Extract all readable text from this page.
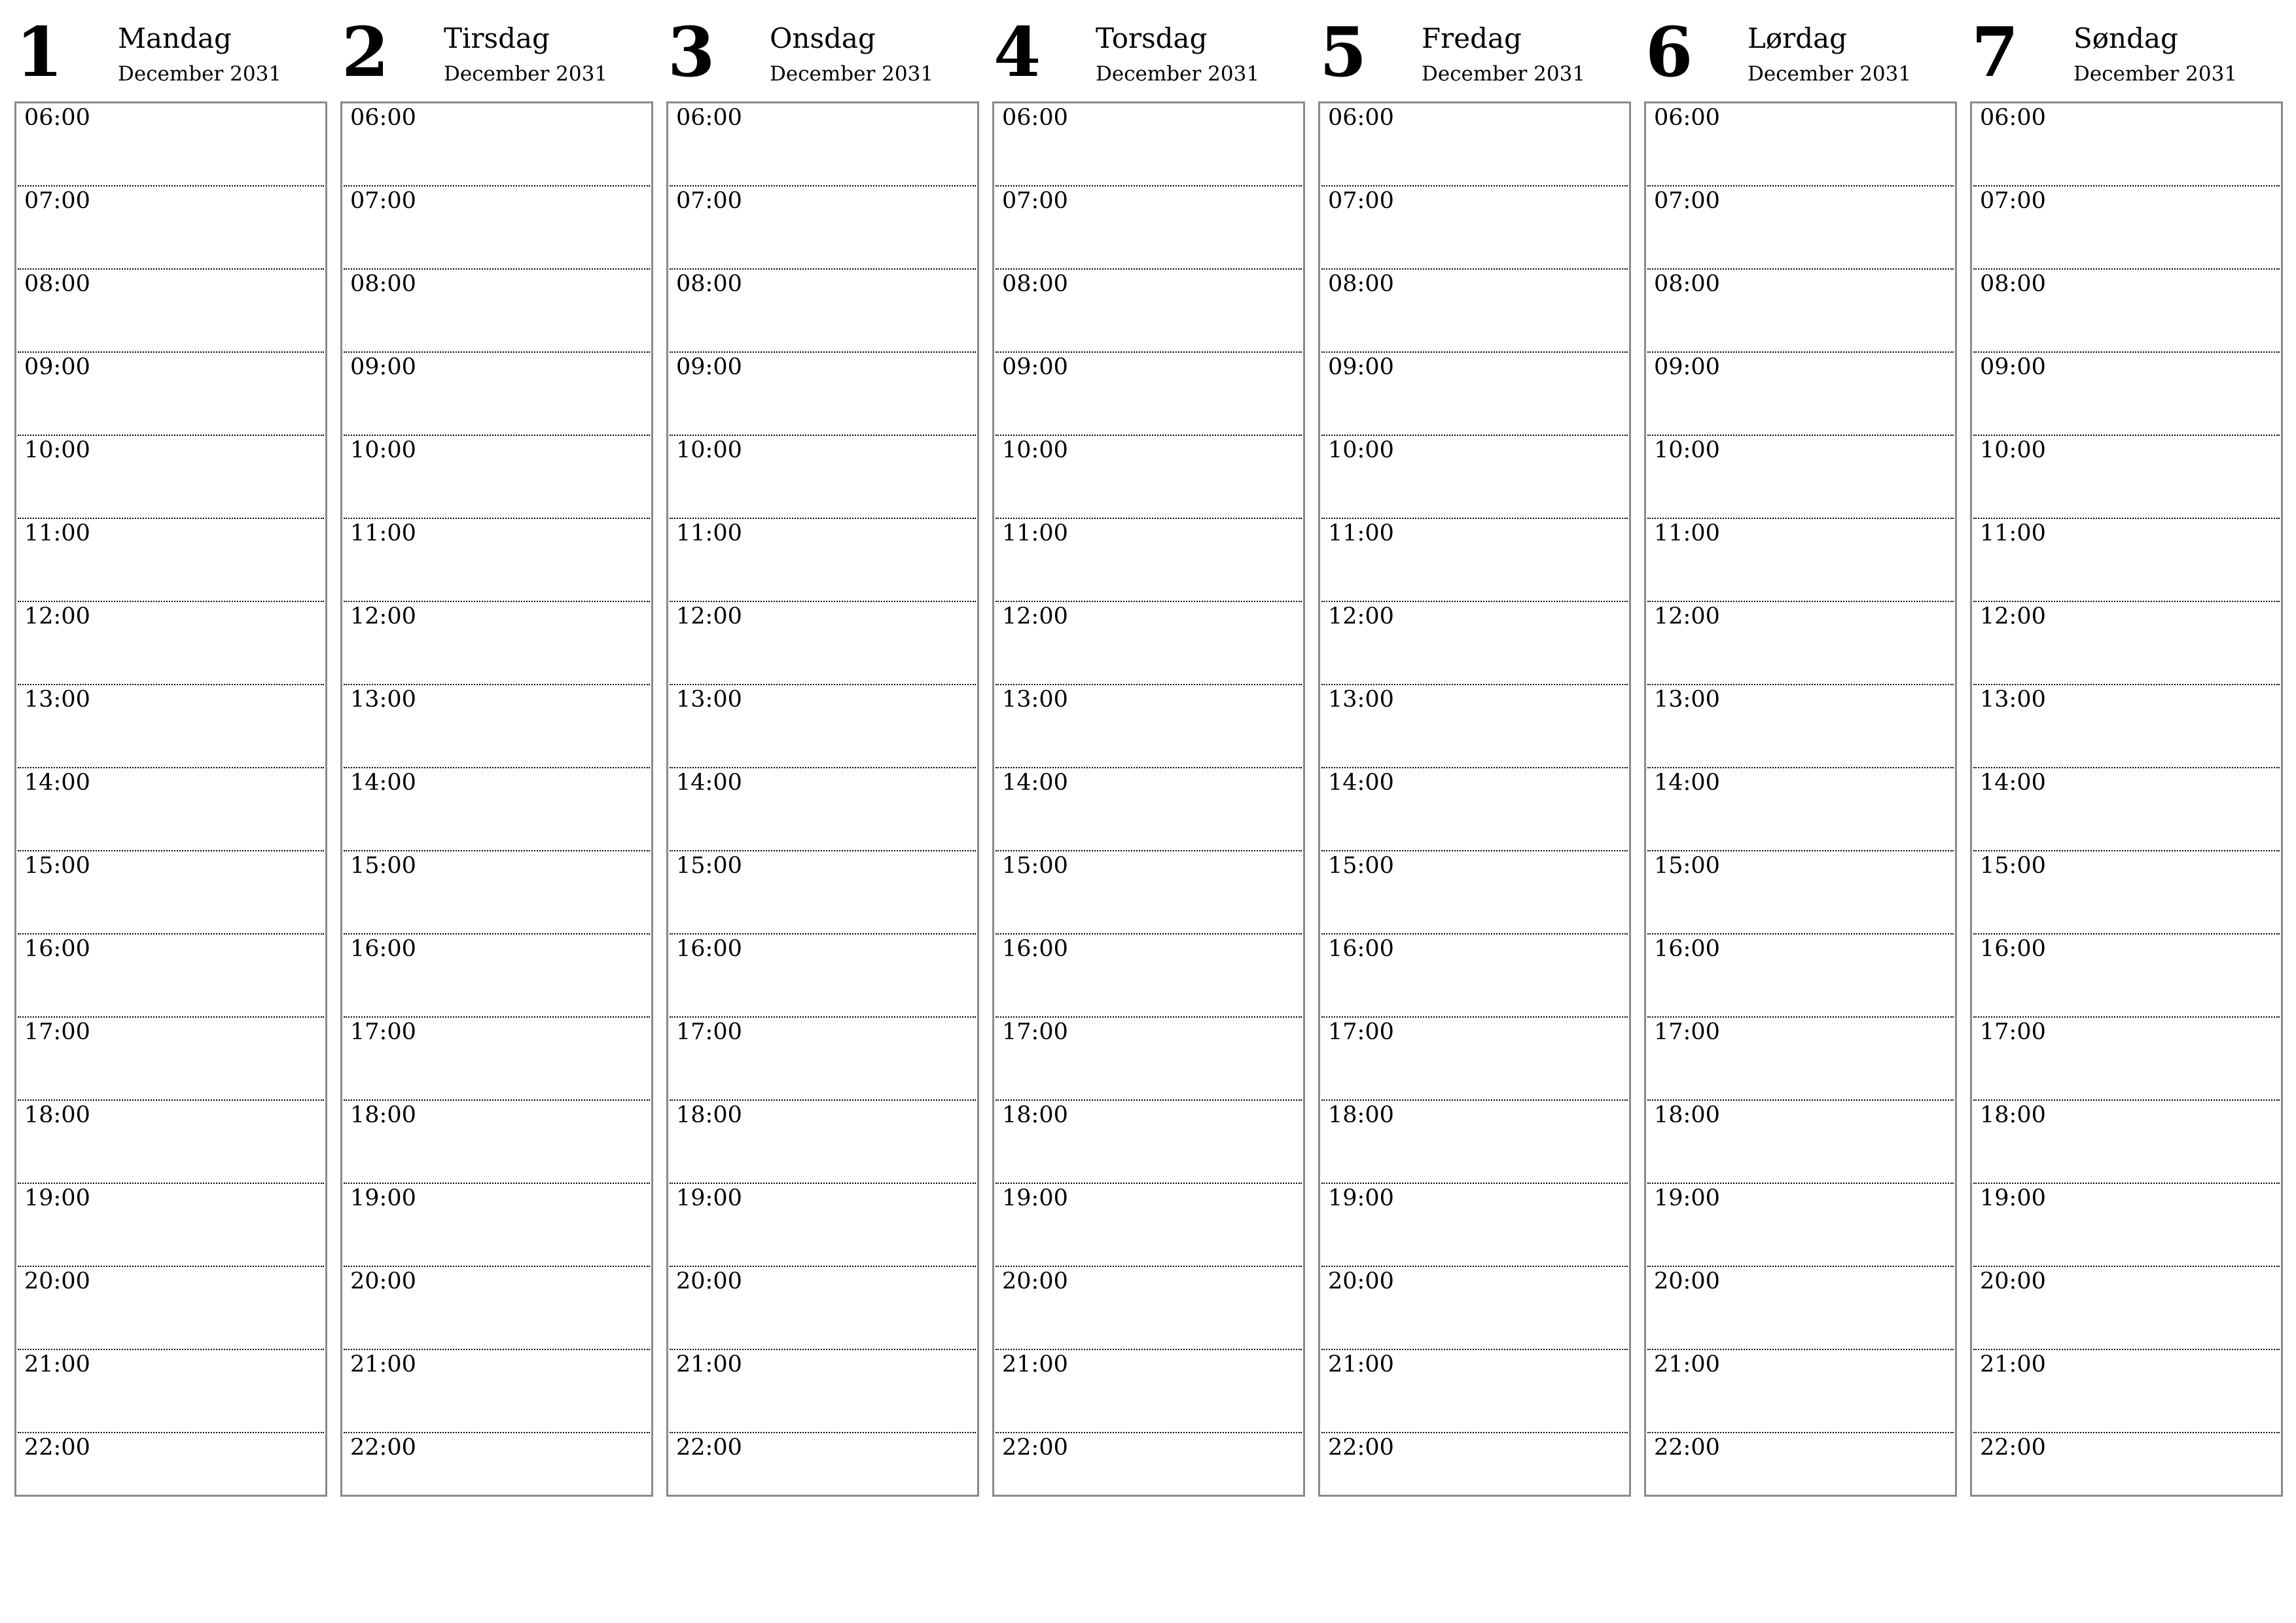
1 Mandag
December 2031
06:00
07:00
08:00
09:00
10:00
11:00
12:00
13:00
14:00
15:00
16:00
17:00
18:00
19:00
20:00
21:00
22:00
2 Tirsdag
December 2031
06:00
07:00
08:00
09:00
10:00
11:00
12:00
13:00
14:00
15:00
16:00
17:00
18:00
19:00
20:00
21:00
22:00
3 Onsdag
December 2031
06:00
07:00
08:00
09:00
10:00
11:00
12:00
13:00
14:00
15:00
16:00
17:00
18:00
19:00
20:00
21:00
22:00
4 Torsdag
December 2031
06:00
07:00
08:00
09:00
10:00
11:00
12:00
13:00
14:00
15:00
16:00
17:00
18:00
19:00
20:00
21:00
22:00
5 Fredag
December 2031
06:00
07:00
08:00
09:00
10:00
11:00
12:00
13:00
14:00
15:00
16:00
17:00
18:00
19:00
20:00
21:00
22:00
6 Lørdag
December 2031
06:00
07:00
08:00
09:00
10:00
11:00
12:00
13:00
14:00
15:00
16:00
17:00
18:00
19:00
20:00
21:00
22:00
7 Søndag
December 2031
06:00
07:00
08:00
09:00
10:00
11:00
12:00
13:00
14:00
15:00
16:00
17:00
18:00
19:00
20:00
21:00
22:00
